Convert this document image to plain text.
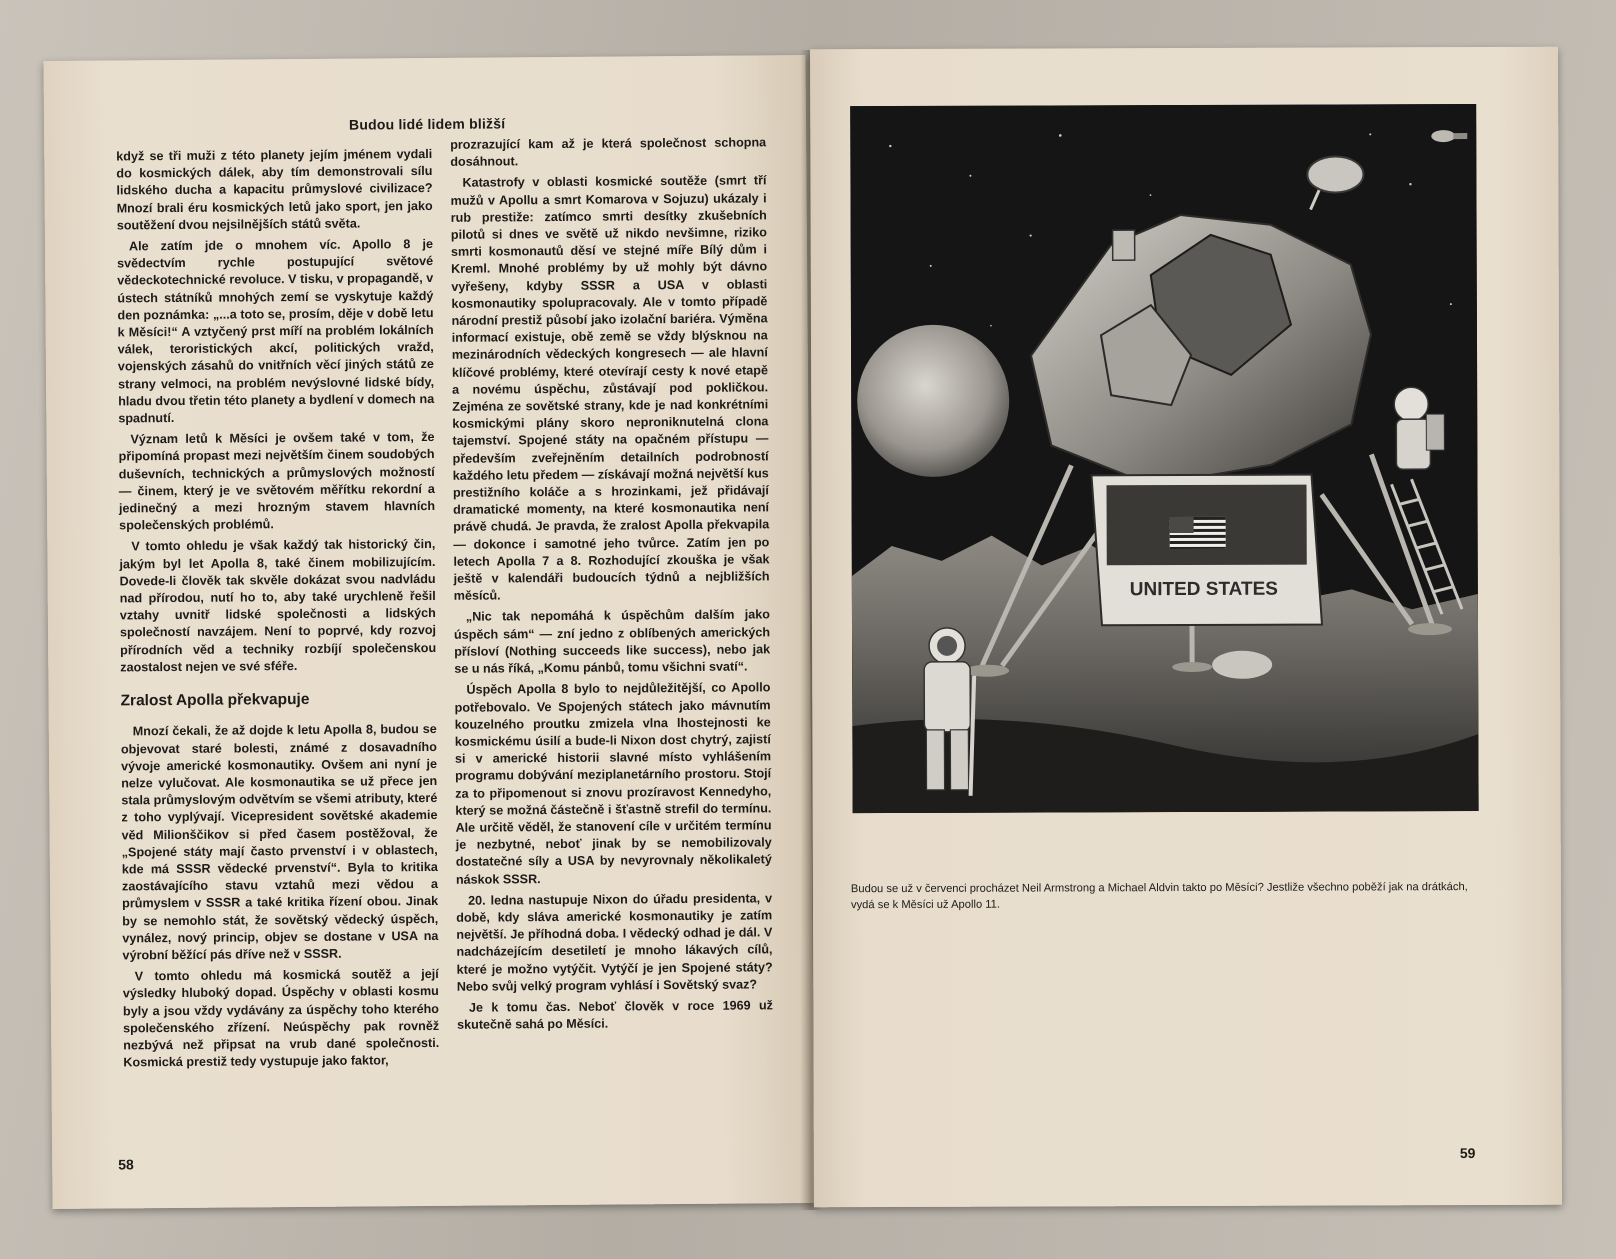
Budou lidé lidem bližší

když se tři muži z této planety jejím jménem vydali do kosmických dálek, aby tím demonstrovali sílu lidského ducha a kapacitu průmyslové civilizace? Mnozí brali éru kosmických letů jako sport, jen jako soutěžení dvou nejsilnějších států světa.

Ale zatím jde o mnohem víc. Apollo 8 je svědectvím rychle postupující světové vědeckotechnické revoluce. V tisku, v propagandě, v ústech státníků mnohých zemí se vyskytuje každý den poznámka: „...a toto se, prosím, děje v době letu k Měsíci!“ A vztyčený prst míří na problém lokálních válek, teroristických akcí, politických vražd, vojenských zásahů do vnitřních věcí jiných států ze strany velmoci, na problém nevýslovné lidské bídy, hladu dvou třetin této planety a bydlení v domech na spadnutí.

Význam letů k Měsíci je ovšem také v tom, že připomíná propast mezi největším činem soudobých duševních, technických a průmyslových možností — činem, který je ve světovém měřítku rekordní a jedinečný a mezi hrozným stavem hlavních společenských problémů.

V tomto ohledu je však každý tak historický čin, jakým byl let Apolla 8, také činem mobilizujícím. Dovede-li člověk tak skvěle dokázat svou nadvládu nad přírodou, nutí ho to, aby také urychleně řešil vztahy uvnitř lidské společnosti a lidských společností navzájem. Není to poprvé, kdy rozvoj přírodních věd a techniky rozbíjí společenskou zaostalost nejen ve své sféře.

Zralost Apolla překvapuje

Mnozí čekali, že až dojde k letu Apolla 8, budou se objevovat staré bolesti, známé z dosavadního vývoje americké kosmonautiky. Ovšem ani nyní je nelze vylučovat. Ale kosmonautika se už přece jen stala průmyslovým odvětvím se všemi atributy, které z toho vyplývají. Vicepresident sovětské akademie věd Milionščikov si před časem postěžoval, že „Spojené státy mají často prvenství i v oblastech, kde má SSSR vědecké prvenství“. Byla to kritika zaostávajícího stavu vztahů mezi vědou a průmyslem v SSSR a také kritika řízení obou. Jinak by se nemohlo stát, že sovětský vědecký úspěch, vynález, nový princip, objev se dostane v USA na výrobní běžící pás dříve než v SSSR.

V tomto ohledu má kosmická soutěž a její výsledky hluboký dopad. Úspěchy v oblasti kosmu byly a jsou vždy vydávány za úspěchy toho kterého společenského zřízení. Neúspěchy pak rovněž nezbývá než připsat na vrub dané společnosti. Kosmická prestiž tedy vystupuje jako faktor,

prozrazující kam až je která společnost schopna dosáhnout.

Katastrofy v oblasti kosmické soutěže (smrt tří mužů v Apollu a smrt Komarova v Sojuzu) ukázaly i rub prestiže: zatímco smrti desítky zkušebních pilotů si dnes ve světě už nikdo nevšimne, riziko smrti kosmonautů děsí ve stejné míře Bílý dům i Kreml. Mnohé problémy by už mohly být dávno vyřešeny, kdyby SSSR a USA v oblasti kosmonautiky spolupracovaly. Ale v tomto případě národní prestiž působí jako izolační bariéra. Výměna informací existuje, obě země se vždy blýsknou na mezinárodních vědeckých kongresech — ale hlavní klíčové problémy, které otevírají cesty k nové etapě a novému úspěchu, zůstávají pod pokličkou. Zejména ze sovětské strany, kde je nad konkrétními kosmickými plány skoro neproniknutelná clona tajemství. Spojené státy na opačném přístupu — především zveřejněním detailních podrobností každého letu předem — získávají možná největší kus prestižního koláče a s hrozinkami, jež přidávají dramatické momenty, na které kosmonautika není právě chudá. Je pravda, že zralost Apolla překvapila — dokonce i samotné jeho tvůrce. Zatím jen po letech Apolla 7 a 8. Rozhodující zkouška je však ještě v kalendáři budoucích týdnů a nejbližších měsíců.

„Nic tak nepomáhá k úspěchům dalším jako úspěch sám“ — zní jedno z oblíbených amerických přísloví (Nothing succeeds like success), nebo jak se u nás říká, „Komu pánbů, tomu všichni svatí“.

Úspěch Apolla 8 bylo to nejdůležitější, co Apollo potřebovalo. Ve Spojených státech jako mávnutím kouzelného proutku zmizela vlna lhostejnosti ke kosmickému úsilí a bude-li Nixon dost chytrý, zajistí si v americké historii slavné místo vyhlášením programu dobývání meziplanetárního prostoru. Stojí za to připomenout si znovu prozíravost Kennedyho, který se možná částečně i šťastně strefil do termínu. Ale určitě věděl, že stanovení cíle v určitém termínu je nezbytné, neboť jinak by se nemobilizovaly dostatečné síly a USA by nevyrovnaly několikaletý náskok SSSR.

20. ledna nastupuje Nixon do úřadu presidenta, v době, kdy sláva americké kosmonautiky je zatím největší. Je příhodná doba. I vědecký odhad je dál. V nadcházejícím desetiletí je mnoho lákavých cílů, které je možno vytýčit. Vytýčí je jen Spojené státy? Nebo svůj velký program vyhlásí i Sovětský svaz?

Je k tomu čas. Neboť člověk v roce 1969 už skutečně sahá po Měsíci.

58
UNITED STATES
Budou se už v červenci procházet Neil Armstrong a Michael Aldvin takto po Měsíci? Jestliže všechno poběží jak na drátkách, vydá se k Měsíci už Apollo 11.
59
